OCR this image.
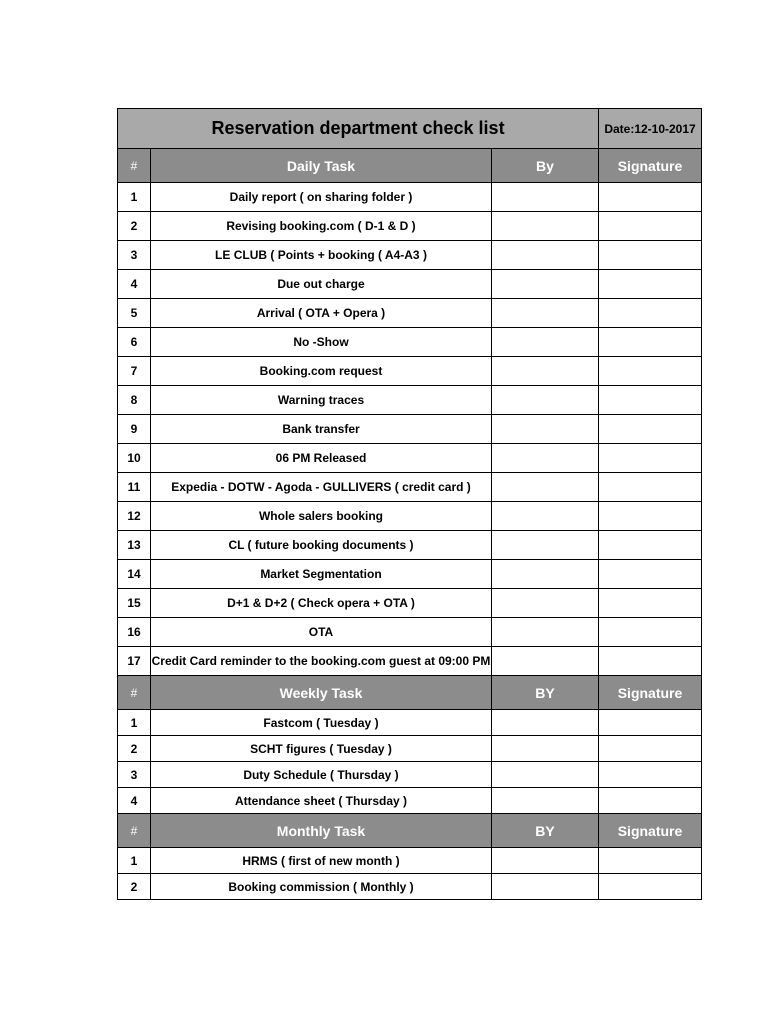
Reservation department check list			Date:12-10-2017
#	Daily Task	By	Signature
1	Daily report ( on sharing folder )		
2	Revising booking.com ( D-1 & D )		
3	LE CLUB ( Points + booking ( A4-A3 )		
4	Due out charge		
5	Arrival ( OTA + Opera )		
6	No -Show		
7	Booking.com request		
8	Warning traces		
9	Bank transfer		
10	06 PM Released		
11	Expedia - DOTW - Agoda - GULLIVERS ( credit card )		
12	Whole salers booking		
13	CL ( future booking documents )		
14	Market Segmentation		
15	D+1 & D+2 ( Check opera + OTA )		
16	OTA		
17	Credit Card reminder to the booking.com guest at 09:00 PM		
#	Weekly Task	BY	Signature
1	Fastcom ( Tuesday )		
2	SCHT figures ( Tuesday )		
3	Duty Schedule ( Thursday )		
4	Attendance sheet ( Thursday )		
#	Monthly Task	BY	Signature
1	HRMS ( first of new month )		
2	Booking commission ( Monthly )		
